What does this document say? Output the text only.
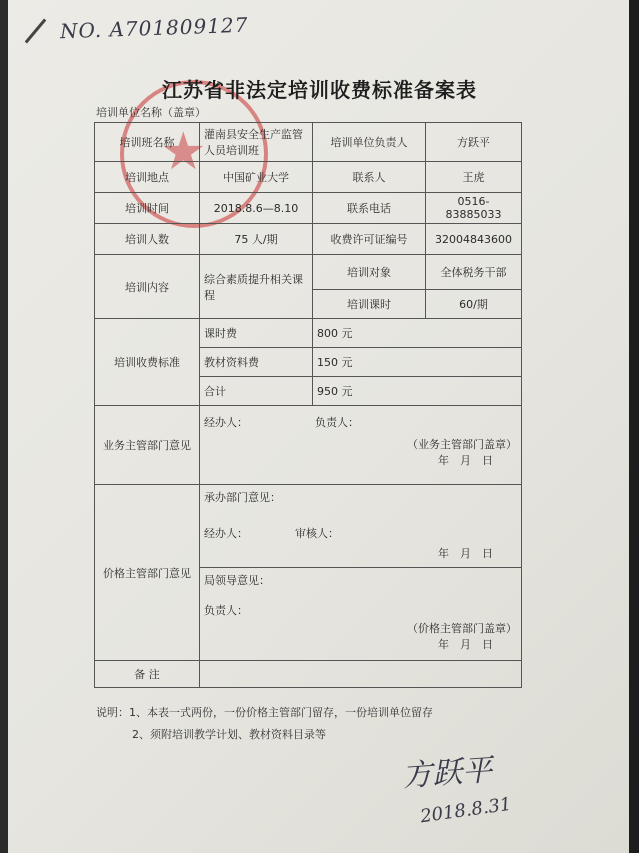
NO. A701809127
★
江苏省非法定培训收费标准备案表
培训单位名称（盖章）
培训班名称	灌南县安全生产监管人员培训班	培训单位负责人	方跃平
培训地点	中国矿业大学	联系人	王虎
培训时间	2018.8.6—8.10	联系电话	0516-83885033
培训人数	75 人/期	收费许可证编号	32004843600
培训内容	综合素质提升相关课程	培训对象	全体税务干部
		培训课时	60/期
培训收费标准	课时费	800 元	
	教材资料费	150 元	
	合计	950 元	
业务主管部门意见	经办人： 负责人：
（业务主管部门盖章）
年　月　日		

价格主管部门意见	承办部门意见：
经办人： 审核人：
年　月　日		

	局领导意见：
负责人：
（价格主管部门盖章）
年　月　日		

备 注			
说明：1、本表一式两份，一份价格主管部门留存，一份培训单位留存
2、须附培训教学计划、教材资料目录等
方跃平
2018.8.31
